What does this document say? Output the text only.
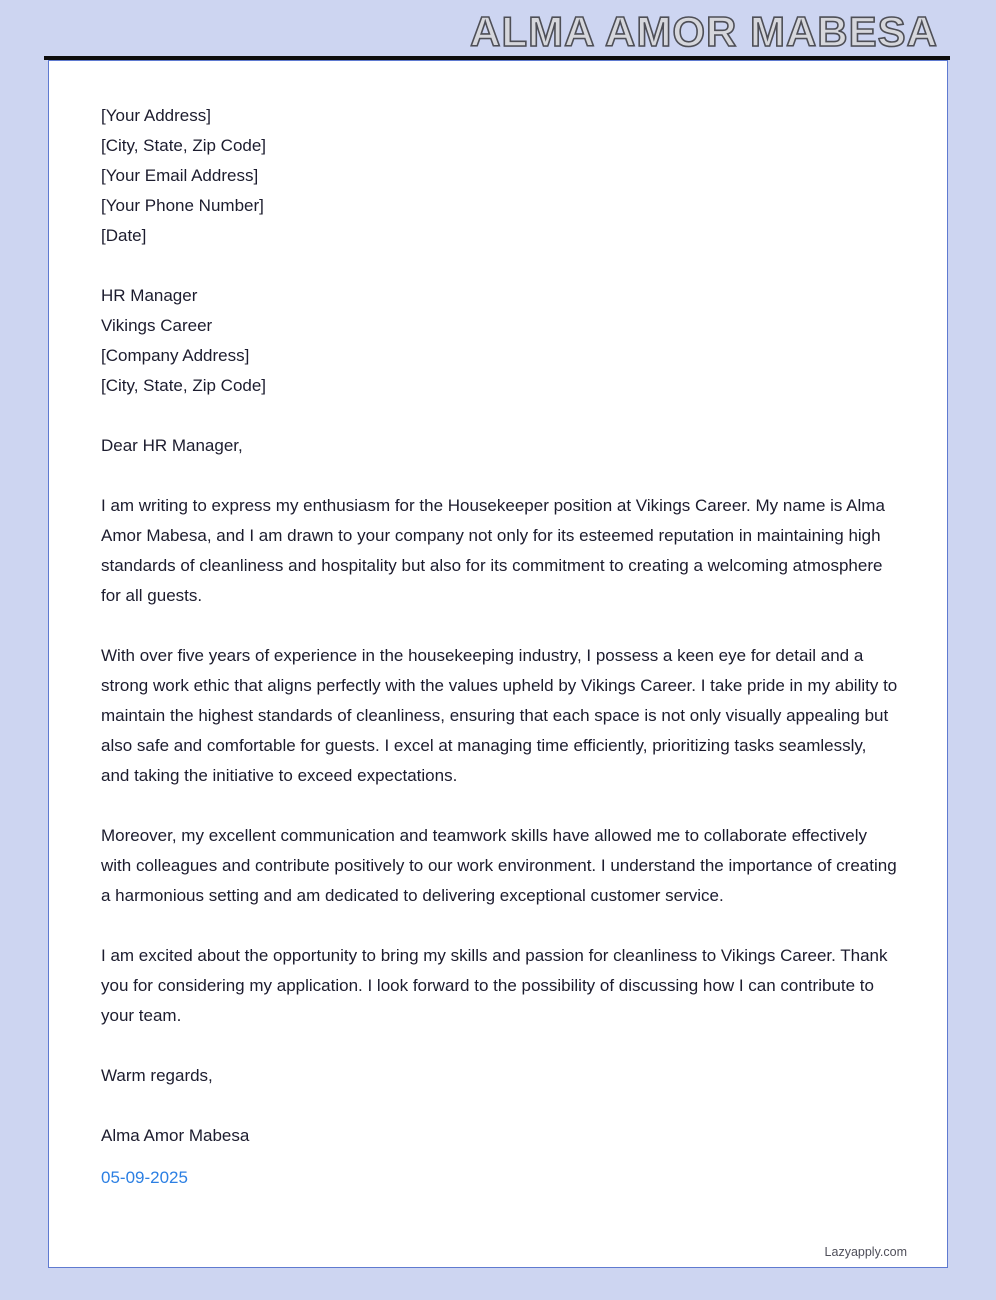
ALMA AMOR MABESA
[Your Address]
[City, State, Zip Code]
[Your Email Address]
[Your Phone Number]
[Date]
HR Manager
Vikings Career
[Company Address]
[City, State, Zip Code]
Dear HR Manager,
I am writing to express my enthusiasm for the Housekeeper position at Vikings Career. My name is Alma Amor Mabesa, and I am drawn to your company not only for its esteemed reputation in maintaining high standards of cleanliness and hospitality but also for its commitment to creating a welcoming atmosphere for all guests.
With over five years of experience in the housekeeping industry, I possess a keen eye for detail and a strong work ethic that aligns perfectly with the values upheld by Vikings Career. I take pride in my ability to maintain the highest standards of cleanliness, ensuring that each space is not only visually appealing but also safe and comfortable for guests. I excel at managing time efficiently, prioritizing tasks seamlessly, and taking the initiative to exceed expectations.
Moreover, my excellent communication and teamwork skills have allowed me to collaborate effectively with colleagues and contribute positively to our work environment. I understand the importance of creating a harmonious setting and am dedicated to delivering exceptional customer service.
I am excited about the opportunity to bring my skills and passion for cleanliness to Vikings Career. Thank you for considering my application. I look forward to the possibility of discussing how I can contribute to your team.
Warm regards,
Alma Amor Mabesa
05-09-2025
Lazyapply.com
